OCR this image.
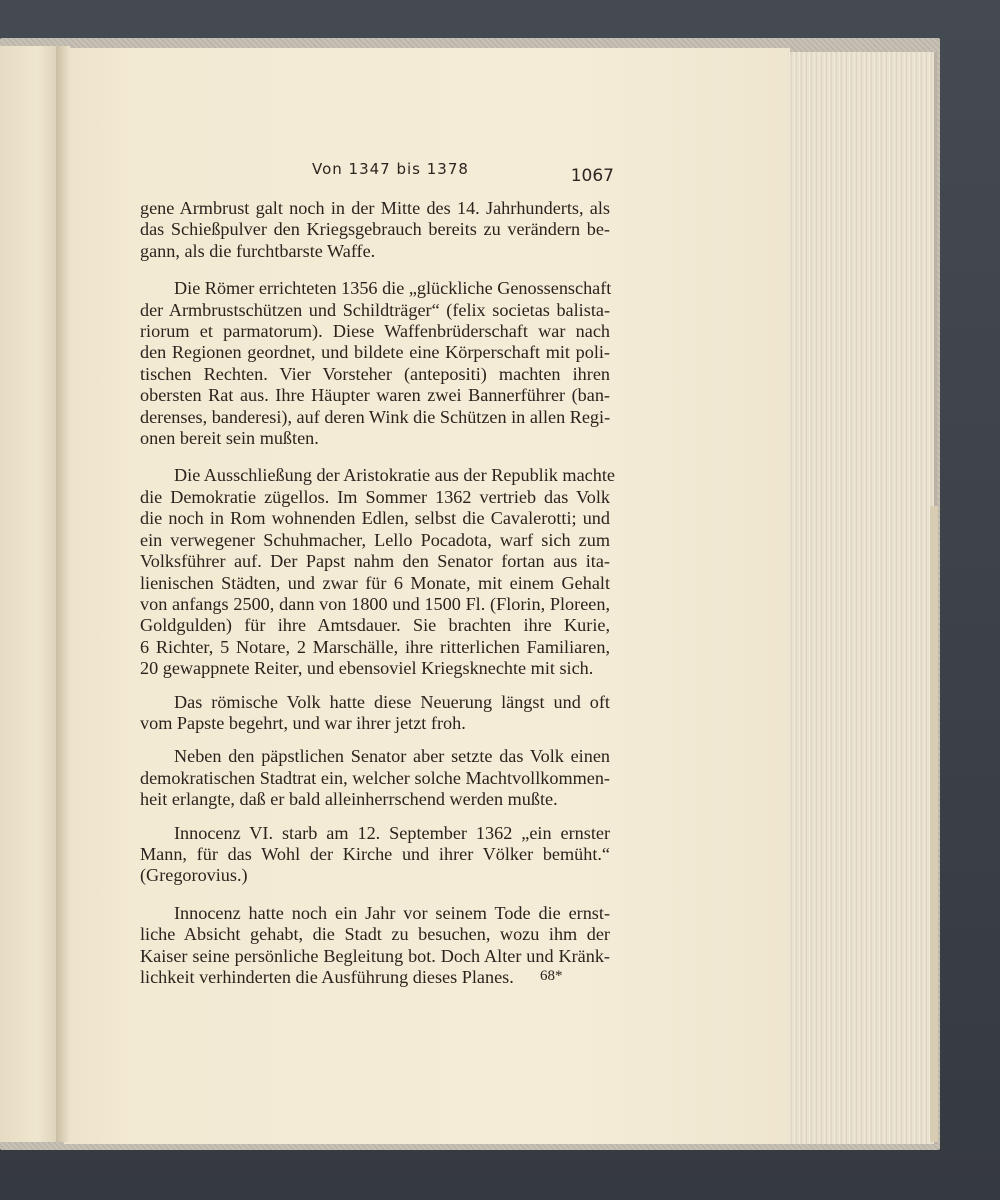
Von 1347 bis 1378	1067
gene Armbrust galt noch in der Mitte des 14. Jahrhunderts, als
das Schießpulver den Kriegsgebrauch bereits zu verändern be-
gann, als die furchtbarste Waffe.
Die Römer errichteten 1356 die „glückliche Genossenschaft
der Armbrustschützen und Schildträger“ (felix societas balista-
riorum et parmatorum). Diese Waffenbrüderschaft war nach
den Regionen geordnet, und bildete eine Körperschaft mit poli-
tischen Rechten. Vier Vorsteher (antepositi) machten ihren
obersten Rat aus. Ihre Häupter waren zwei Bannerführer (ban-
derenses, banderesi), auf deren Wink die Schützen in allen Regi-
onen bereit sein mußten.
Die Ausschließung der Aristokratie aus der Republik machte
die Demokratie zügellos. Im Sommer 1362 vertrieb das Volk
die noch in Rom wohnenden Edlen, selbst die Cavalerotti; und
ein verwegener Schuhmacher, Lello Pocadota, warf sich zum
Volksführer auf. Der Papst nahm den Senator fortan aus ita-
lienischen Städten, und zwar für 6 Monate, mit einem Gehalt
von anfangs 2500, dann von 1800 und 1500 Fl. (Florin, Ploreen,
Goldgulden) für ihre Amtsdauer. Sie brachten ihre Kurie,
6 Richter, 5 Notare, 2 Marschälle, ihre ritterlichen Familiaren,
20 gewappnete Reiter, und ebensoviel Kriegsknechte mit sich.
Das römische Volk hatte diese Neuerung längst und oft
vom Papste begehrt, und war ihrer jetzt froh.
Neben den päpstlichen Senator aber setzte das Volk einen
demokratischen Stadtrat ein, welcher solche Machtvollkommen-
heit erlangte, daß er bald alleinherrschend werden mußte.
Innocenz VI. starb am 12. September 1362 „ein ernster
Mann, für das Wohl der Kirche und ihrer Völker bemüht.“
(Gregorovius.)
Innocenz hatte noch ein Jahr vor seinem Tode die ernst-
liche Absicht gehabt, die Stadt zu besuchen, wozu ihm der
Kaiser seine persönliche Begleitung bot. Doch Alter und Kränk-
lichkeit verhinderten die Ausführung dieses Planes.	68*
